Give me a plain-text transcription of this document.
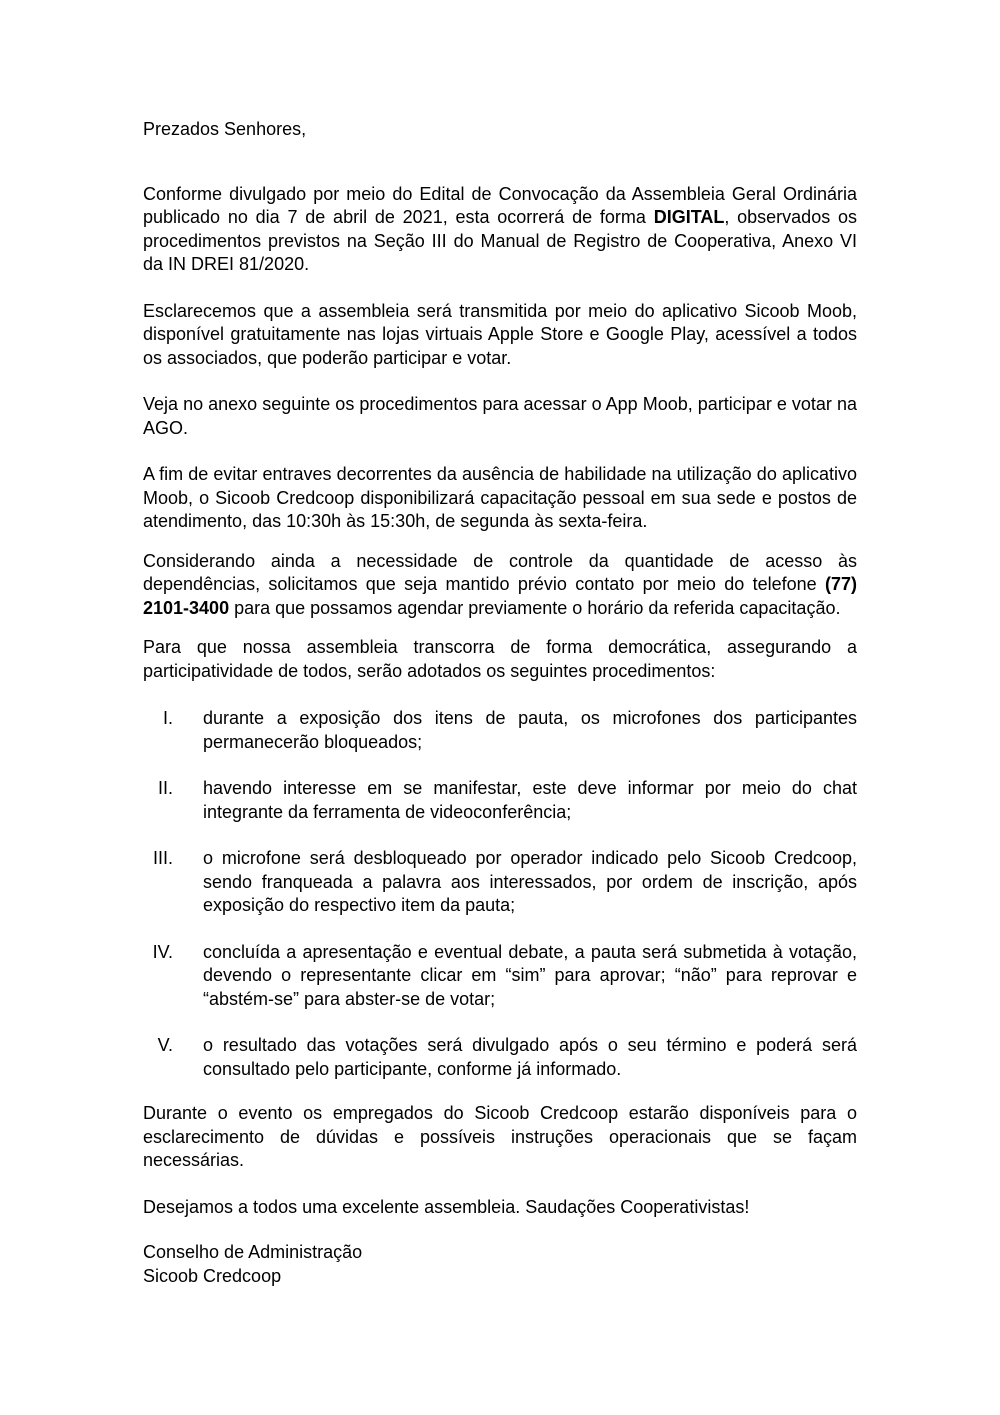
Prezados Senhores,

Conforme divulgado por meio do Edital de Convocação da Assembleia Geral Ordinária publicado no dia 7 de abril de 2021, esta ocorrerá de forma DIGITAL, observados os procedimentos previstos na Seção III do Manual de Registro de Cooperativa, Anexo VI da IN DREI 81/2020.

Esclarecemos que a assembleia será transmitida por meio do aplicativo Sicoob Moob, disponível gratuitamente nas lojas virtuais Apple Store e Google Play, acessível a todos os associados, que poderão participar e votar.

Veja no anexo seguinte os procedimentos para acessar o App Moob, participar e votar na AGO.

A fim de evitar entraves decorrentes da ausência de habilidade na utilização do aplicativo Moob, o Sicoob Credcoop disponibilizará capacitação pessoal em sua sede e postos de atendimento, das 10:30h às 15:30h, de segunda às sexta-feira.

Considerando ainda a necessidade de controle da quantidade de acesso às dependências, solicitamos que seja mantido prévio contato por meio do telefone (77) 2101-3400 para que possamos agendar previamente o horário da referida capacitação.

Para que nossa assembleia transcorra de forma democrática, assegurando a participatividade de todos, serão adotados os seguintes procedimentos:

I. durante a exposição dos itens de pauta, os microfones dos participantes permanecerão bloqueados;
II. havendo interesse em se manifestar, este deve informar por meio do chat integrante da ferramenta de videoconferência;
III. o microfone será desbloqueado por operador indicado pelo Sicoob Credcoop, sendo franqueada a palavra aos interessados, por ordem de inscrição, após exposição do respectivo item da pauta;
IV. concluída a apresentação e eventual debate, a pauta será submetida à votação, devendo o representante clicar em “sim” para aprovar; “não” para reprovar e “abstém-se” para abster-se de votar;
V. o resultado das votações será divulgado após o seu término e poderá será consultado pelo participante, conforme já informado.

Durante o evento os empregados do Sicoob Credcoop estarão disponíveis para o esclarecimento de dúvidas e possíveis instruções operacionais que se façam necessárias.

Desejamos a todos uma excelente assembleia. Saudações Cooperativistas!

Conselho de Administração
Sicoob Credcoop
